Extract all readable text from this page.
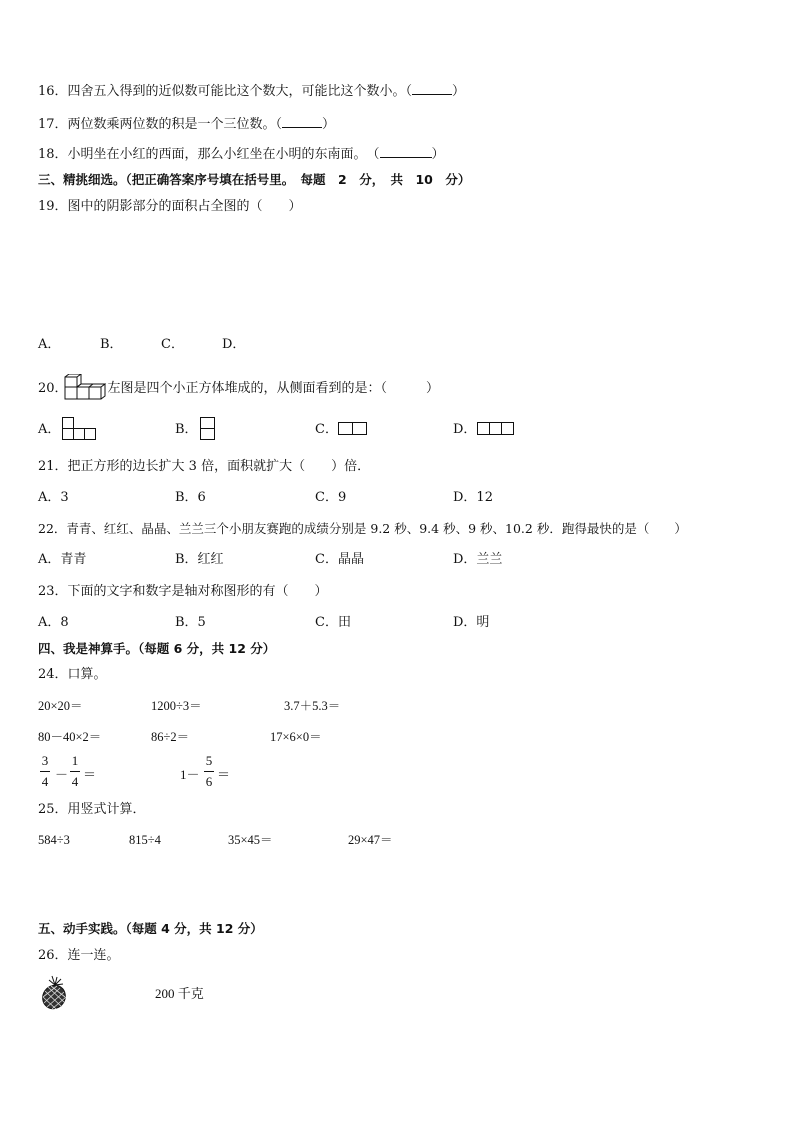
16．四舍五入得到的近似数可能比这个数大，可能比这个数小。（	）
17．两位数乘两位数的积是一个三位数。（	）
18．小明坐在小红的西面，那么小红坐在小明的东南面。　（	）
三、精挑细选。（把正确答案序号填在括号里。　每题　2　分，　共　10　分）
19．图中的阴影部分的面积占全图的（　　）
A．	B．	C．	D．
20．	左图是四个小正方体堆成的，从侧面看到的是：（　　　）
A．	B．	C．	D．
21．把正方形的边长扩大 3 倍，面积就扩大（　　）倍．
A．3	B．6	C．9	D．12
22．青青、红红、晶晶、兰兰三个小朋友赛跑的成绩分别是 9.2 秒、9.4 秒、9 秒、10.2 秒．跑得最快的是（　　）
A．青青	B．红红	C．晶晶	D．兰兰
23．下面的文字和数字是轴对称图形的有（　　）
A．8	B．5	C．田	D．明
四、我是神算手。（每题 6 分，共 12 分）
24．口算。
20×20＝	1200÷3＝	3.7＋5.3＝
80－40×2＝	86÷2＝	17×6×0＝
3
4 －
1
4 ＝	1－
5
6 ＝
25．用竖式计算．
584÷3	815÷4	35×45＝	29×47＝
五、动手实践。（每题 4 分，共 12 分）
26．连一连。
200 千克
